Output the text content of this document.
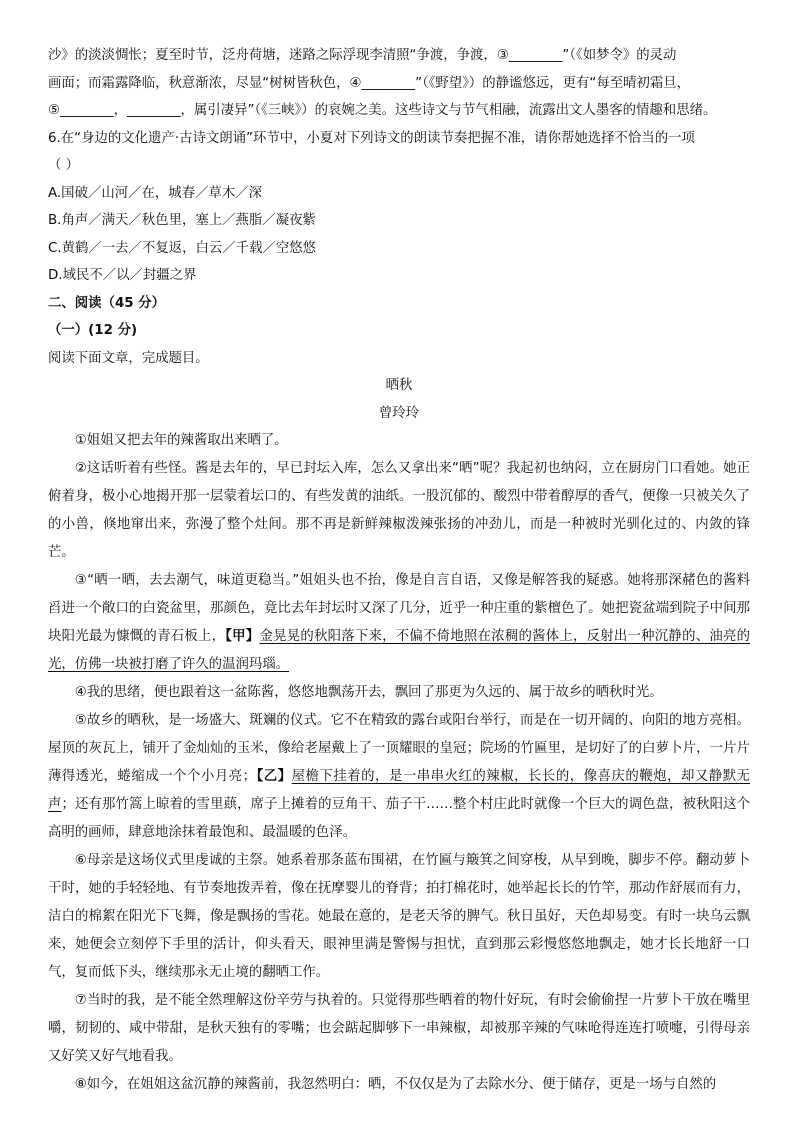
沙》的淡淡惆怅；夏至时节，泛舟荷塘，迷路之际浮现李清照“争渡，争渡，③________”（《如梦令》的灵动
画面；而霜露降临，秋意渐浓，尽显“树树皆秋色，④________”（《野望》）的静谧悠远，更有“每至晴初霜旦，
⑤________，________，属引凄异”（《三峡》）的哀婉之美。这些诗文与节气相融，流露出文人墨客的情趣和思绪。
6.在“身边的文化遗产·古诗文朗诵”环节中，小夏对下列诗文的朗读节奏把握不准，请你帮她选择不恰当的一项
（ ）
A.国破／山河／在，城春／草木／深
B.角声／满天／秋色里，塞上／燕脂／凝夜紫
C.黄鹤／一去／不复返，白云／千载／空悠悠
D.域民不／以／封疆之界
二、阅读（45 分）
（一）(12 分)
阅读下面文章，完成题目。
晒秋
曾玲玲

①姐姐又把去年的辣酱取出来晒了。

②这话听着有些怪。酱是去年的，早已封坛入库，怎么又拿出来“晒”呢？我起初也纳闷，立在厨房门口看她。她正俯着身，极小心地揭开那一层蒙着坛口的、有些发黄的油纸。一股沉郁的、酸烈中带着醇厚的香气，便像一只被关久了的小兽，倏地窜出来，弥漫了整个灶间。那不再是新鲜辣椒泼辣张扬的冲劲儿，而是一种被时光驯化过的、内敛的锋芒。

③“晒一晒，去去潮气，味道更稳当。”姐姐头也不抬，像是自言自语，又像是解答我的疑惑。她将那深赭色的酱料舀进一个敞口的白瓷盆里，那颜色，竟比去年封坛时又深了几分，近乎一种庄重的紫檀色了。她把瓷盆端到院子中间那块阳光最为慷慨的青石板上，【甲】金晃晃的秋阳落下来，不偏不倚地照在浓稠的酱体上，反射出一种沉静的、油亮的光，仿佛一块被打磨了许久的温润玛瑙。

④我的思绪，便也跟着这一盆陈酱，悠悠地飘荡开去，飘回了那更为久远的、属于故乡的晒秋时光。

⑤故乡的晒秋，是一场盛大、斑斓的仪式。它不在精致的露台或阳台举行，而是在一切开阔的、向阳的地方亮相。屋顶的灰瓦上，铺开了金灿灿的玉米，像给老屋戴上了一顶耀眼的皇冠；院场的竹匾里，是切好了的白萝卜片，一片片薄得透光，蜷缩成一个个小月亮；【乙】屋檐下挂着的，是一串串火红的辣椒，长长的，像喜庆的鞭炮，却又静默无声；还有那竹篙上晾着的雪里蕻，席子上摊着的豆角干、茄子干……整个村庄此时就像一个巨大的调色盘，被秋阳这个高明的画师，肆意地涂抹着最饱和、最温暖的色泽。

⑥母亲是这场仪式里虔诚的主祭。她系着那条蓝布围裙，在竹匾与簸箕之间穿梭，从早到晚，脚步不停。翻动萝卜干时，她的手轻轻地、有节奏地拨弄着，像在抚摩婴儿的脊背；拍打棉花时，她举起长长的竹竿，那动作舒展而有力，洁白的棉絮在阳光下飞舞，像是飘扬的雪花。她最在意的，是老天爷的脾气。秋日虽好，天色却易变。有时一块乌云飘来，她便会立刻停下手里的活计，仰头看天，眼神里满是警惕与担忧，直到那云彩慢悠悠地飘走，她才长长地舒一口气，复而低下头，继续那永无止境的翻晒工作。

⑦当时的我，是不能全然理解这份辛劳与执着的。只觉得那些晒着的物什好玩，有时会偷偷捏一片萝卜干放在嘴里嚼，韧韧的、咸中带甜，是秋天独有的零嘴；也会踮起脚够下一串辣椒，却被那辛辣的气味呛得连连打喷嚏，引得母亲又好笑又好气地看我。

⑧如今，在姐姐这盆沉静的辣酱前，我忽然明白：晒，不仅仅是为了去除水分、便于储存，更是一场与自然的
